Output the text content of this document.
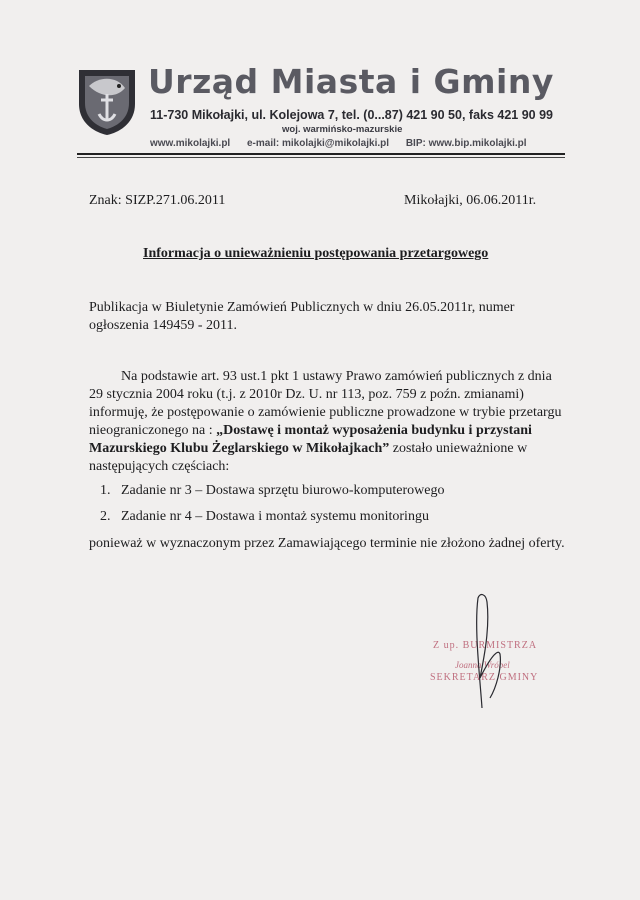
Urząd Miasta i Gminy
11-730 Mikołajki, ul. Kolejowa 7, tel. (0...87) 421 90 50, faks 421 90 99
woj. warmińsko-mazurskie
www.mikolajki.pl e-mail: mikolajki@mikolajki.pl BIP: www.bip.mikolajki.pl
Znak: SIZP.271.06.2011	Mikołajki, 06.06.2011r.
Informacja o unieważnieniu postępowania przetargowego
Publikacja w Biuletynie Zamówień Publicznych w dniu 26.05.2011r, numer ogłoszenia 149459 - 2011.
Na podstawie art. 93 ust.1 pkt 1 ustawy Prawo zamówień publicznych z dnia 29 stycznia 2004 roku (t.j. z 2010r Dz. U. nr 113, poz. 759 z poźn. zmianami) informuję, że postępowanie o zamówienie publiczne prowadzone w trybie przetargu nieograniczonego na : „Dostawę i montaż wyposażenia budynku i przystani Mazurskiego Klubu Żeglarskiego w Mikołajkach” zostało unieważnione w następujących częściach:
1. Zadanie nr 3 – Dostawa sprzętu biurowo-komputerowego
2. Zadanie nr 4 – Dostawa i montaż systemu monitoringu
ponieważ w wyznaczonym przez Zamawiającego terminie nie złożono żadnej oferty.
Z up. BURMISTRZA
Joanna Wróbel
SEKRETARZ GMINY
